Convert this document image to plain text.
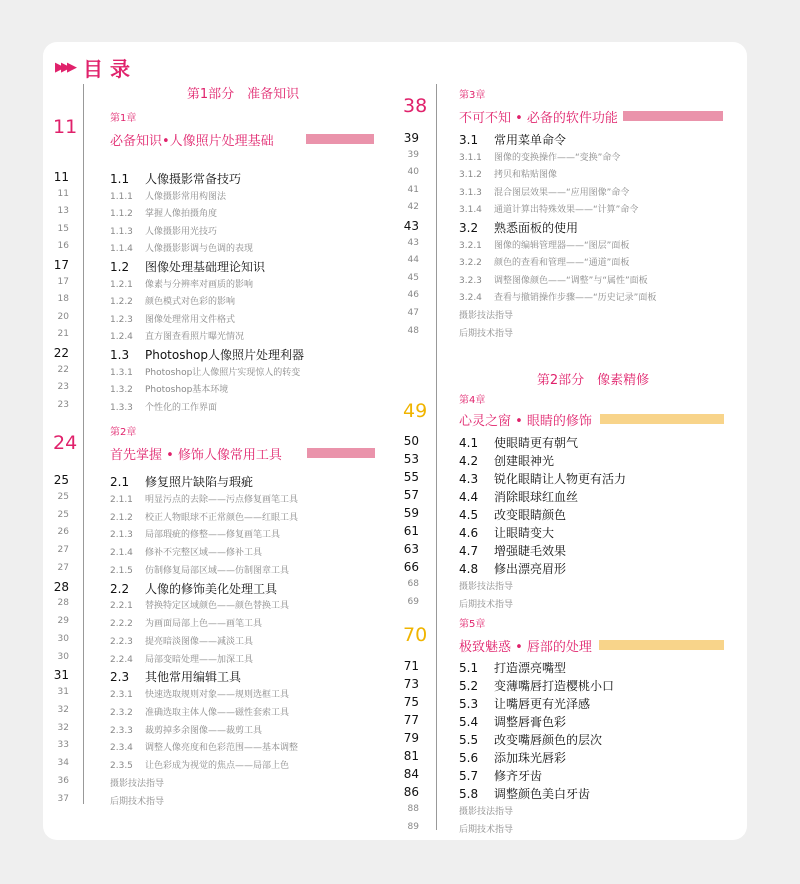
▶▶▶ 目 录
第1部分　准备知识
第2部分　像素精修
11	第1章
必备知识•人像照片处理基础
11	1.1 人像摄影常备技巧
11	1.1.1 人像摄影常用构图法
13	1.1.2 掌握人像拍摄角度
15	1.1.3 人像摄影用光技巧
16	1.1.4 人像摄影影调与色调的表现
17	1.2 图像处理基础理论知识
17	1.2.1 像素与分辨率对画质的影响
18	1.2.2 颜色模式对色彩的影响
20	1.2.3 图像处理常用文件格式
21	1.2.4 直方图查看照片曝光情况
22	1.3 Photoshop人像照片处理利器
22	1.3.1 Photoshop让人像照片实现惊人的转变
23	1.3.2 Photoshop基本环境
23	1.3.3 个性化的工作界面
24	第2章
首先掌握 • 修饰人像常用工具
25	2.1 修复照片缺陷与瑕疵
25	2.1.1 明显污点的去除——污点修复画笔工具
25	2.1.2 校正人物眼球不正常颜色——红眼工具
26	2.1.3 局部瑕疵的修整——修复画笔工具
27	2.1.4 修补不完整区域——修补工具
27	2.1.5 仿制修复局部区域——仿制图章工具
28	2.2 人像的修饰美化处理工具
28	2.2.1 替换特定区域颜色——颜色替换工具
29	2.2.2 为画面局部上色——画笔工具
30	2.2.3 提亮暗淡图像——减淡工具
30	2.2.4 局部变暗处理——加深工具
31	2.3 其他常用编辑工具
31	2.3.1 快速选取规则对象——规则选框工具
32	2.3.2 准确选取主体人像——磁性套索工具
32	2.3.3 裁剪掉多余图像——裁剪工具
33	2.3.4 调整人像亮度和色彩范围——基本调整
34	2.3.5 让色彩成为视觉的焦点——局部上色
36	摄影技法指导
37	后期技术指导
38	第3章
不可不知 • 必备的软件功能
39	3.1 常用菜单命令
39	3.1.1 图像的变换操作——“变换”命令
40	3.1.2 拷贝和粘贴图像
41	3.1.3 混合图层效果——“应用图像”命令
42	3.1.4 通道计算出特殊效果——“计算”命令
43	3.2 熟悉面板的使用
43	3.2.1 图像的编辑管理器——“图层”面板
44	3.2.2 颜色的查看和管理——“通道”面板
45	3.2.3 调整图像颜色——“调整”与“属性”面板
46	3.2.4 查看与撤销操作步骤——“历史记录”面板
47	摄影技法指导
48	后期技术指导
49	第4章
心灵之窗 • 眼睛的修饰
50	4.1 使眼睛更有朝气
53	4.2 创建眼神光
55	4.3 锐化眼睛让人物更有活力
57	4.4 消除眼球红血丝
59	4.5 改变眼睛颜色
61	4.6 让眼睛变大
63	4.7 增强睫毛效果
66	4.8 修出漂亮眉形
68	摄影技法指导
69	后期技术指导
70	第5章
极致魅惑 • 唇部的处理
71	5.1 打造漂亮嘴型
73	5.2 变薄嘴唇打造樱桃小口
75	5.3 让嘴唇更有光泽感
77	5.4 调整唇膏色彩
79	5.5 改变嘴唇颜色的层次
81	5.6 添加珠光唇彩
84	5.7 修齐牙齿
86	5.8 调整颜色美白牙齿
88	摄影技法指导
89	后期技术指导
